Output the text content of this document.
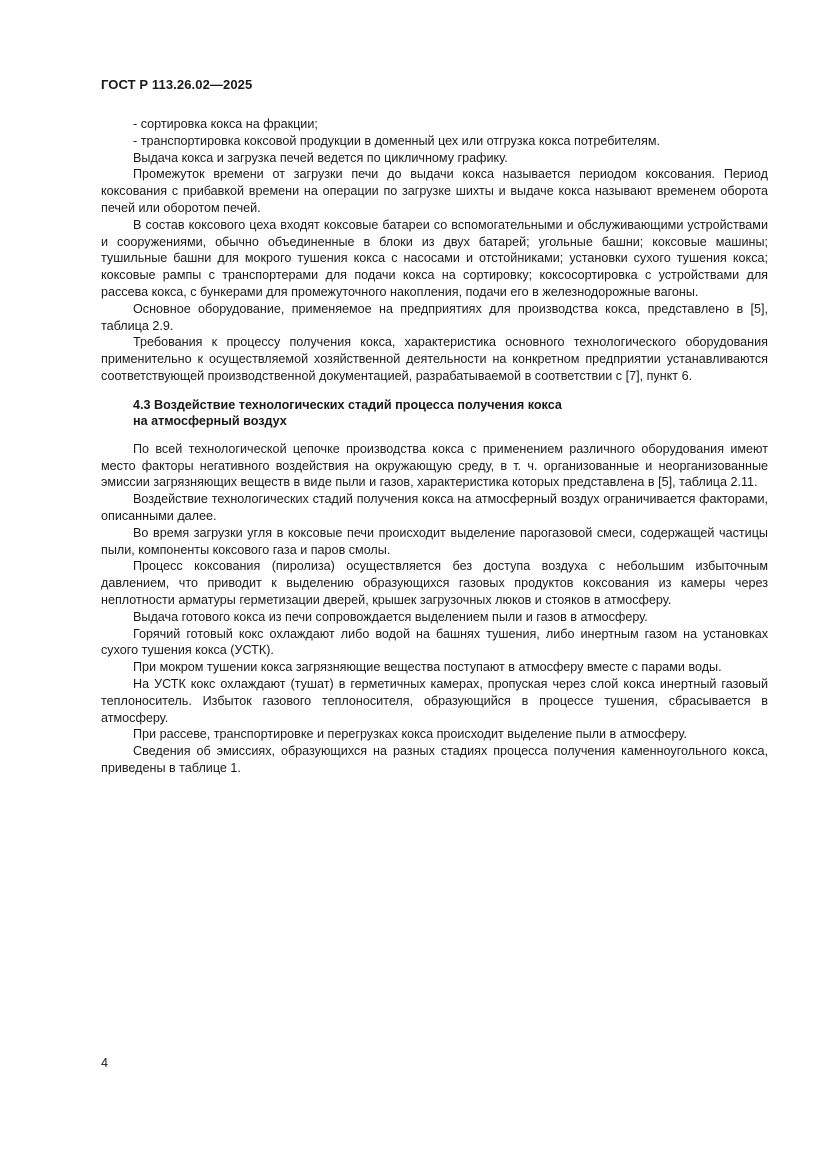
ГОСТ Р 113.26.02—2025

- сортировка кокса на фракции;

- транспортировка коксовой продукции в доменный цех или отгрузка кокса потребителям.

Выдача кокса и загрузка печей ведется по цикличному графику.

Промежуток времени от загрузки печи до выдачи кокса называется периодом коксования. Период коксования с прибавкой времени на операции по загрузке шихты и выдаче кокса называют временем оборота печей или оборотом печей.

В состав коксового цеха входят коксовые батареи со вспомогательными и обслуживающими устройствами и сооружениями, обычно объединенные в блоки из двух батарей; угольные башни; коксовые машины; тушильные башни для мокрого тушения кокса с насосами и отстойниками; установки сухого тушения кокса; коксовые рампы с транспортерами для подачи кокса на сортировку; коксосортировка с устройствами для рассева кокса, с бункерами для промежуточного накопления, подачи его в железнодорожные вагоны.

Основное оборудование, применяемое на предприятиях для производства кокса, представлено в [5], таблица 2.9.

Требования к процессу получения кокса, характеристика основного технологического оборудования применительно к осуществляемой хозяйственной деятельности на конкретном предприятии устанавливаются соответствующей производственной документацией, разрабатываемой в соответствии с [7], пункт 6.

4.3 Воздействие технологических стадий процесса получения кокса
на атмосферный воздух

По всей технологической цепочке производства кокса с применением различного оборудования имеют место факторы негативного воздействия на окружающую среду, в т. ч. организованные и неорганизованные эмиссии загрязняющих веществ в виде пыли и газов, характеристика которых представлена в [5], таблица 2.11.

Воздействие технологических стадий получения кокса на атмосферный воздух ограничивается факторами, описанными далее.

Во время загрузки угля в коксовые печи происходит выделение парогазовой смеси, содержащей частицы пыли, компоненты коксового газа и паров смолы.

Процесс коксования (пиролиза) осуществляется без доступа воздуха с небольшим избыточным давлением, что приводит к выделению образующихся газовых продуктов коксования из камеры через неплотности арматуры герметизации дверей, крышек загрузочных люков и стояков в атмосферу.

Выдача готового кокса из печи сопровождается выделением пыли и газов в атмосферу.

Горячий готовый кокс охлаждают либо водой на башнях тушения, либо инертным газом на установках сухого тушения кокса (УСТК).

При мокром тушении кокса загрязняющие вещества поступают в атмосферу вместе с парами воды.

На УСТК кокс охлаждают (тушат) в герметичных камерах, пропуская через слой кокса инертный газовый теплоноситель. Избыток газового теплоносителя, образующийся в процессе тушения, сбрасывается в атмосферу.

При рассеве, транспортировке и перегрузках кокса происходит выделение пыли в атмосферу.

Сведения об эмиссиях, образующихся на разных стадиях процесса получения каменноугольного кокса, приведены в таблице 1.

4
